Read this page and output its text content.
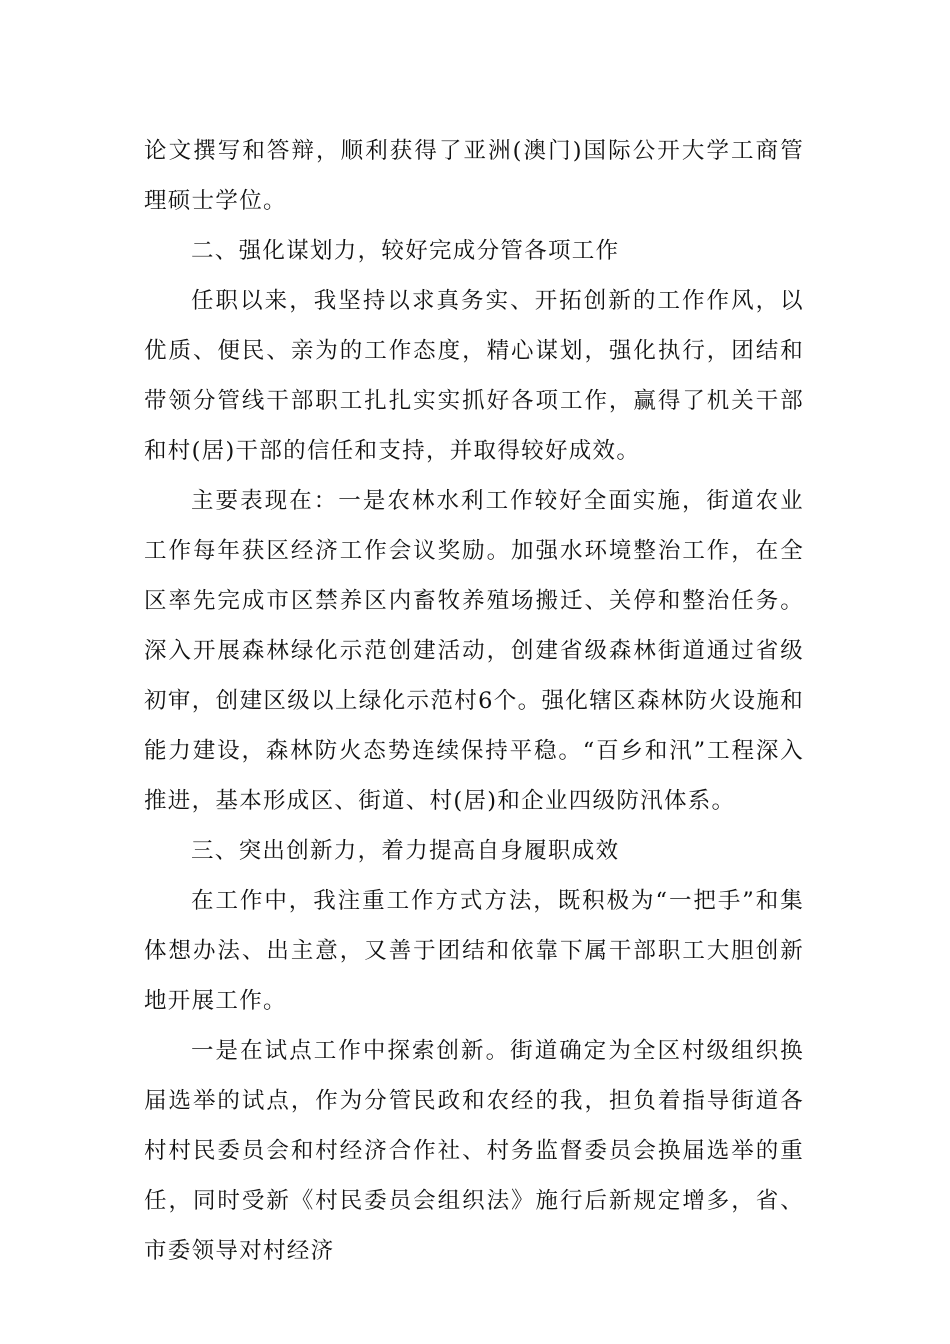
论文撰写和答辩，顺利获得了亚洲(澳门)国际公开大学工商管理硕士学位。

二、强化谋划力，较好完成分管各项工作

任职以来，我坚持以求真务实、开拓创新的工作作风，以优质、便民、亲为的工作态度，精心谋划，强化执行，团结和带领分管线干部职工扎扎实实抓好各项工作，赢得了机关干部和村(居)干部的信任和支持，并取得较好成效。

主要表现在：一是农林水利工作较好全面实施，街道农业工作每年获区经济工作会议奖励。加强水环境整治工作，在全区率先完成市区禁养区内畜牧养殖场搬迁、关停和整治任务。深入开展森林绿化示范创建活动，创建省级森林街道通过省级初审，创建区级以上绿化示范村6个。强化辖区森林防火设施和能力建设，森林防火态势连续保持平稳。“百乡和汛”工程深入推进，基本形成区、街道、村(居)和企业四级防汛体系。

三、突出创新力，着力提高自身履职成效

在工作中，我注重工作方式方法，既积极为“一把手”和集体想办法、出主意，又善于团结和依靠下属干部职工大胆创新地开展工作。

一是在试点工作中探索创新。街道确定为全区村级组织换届选举的试点，作为分管民政和农经的我，担负着指导街道各村村民委员会和村经济合作社、村务监督委员会换届选举的重任，同时受新《村民委员会组织法》施行后新规定增多，省、市委领导对村经济
